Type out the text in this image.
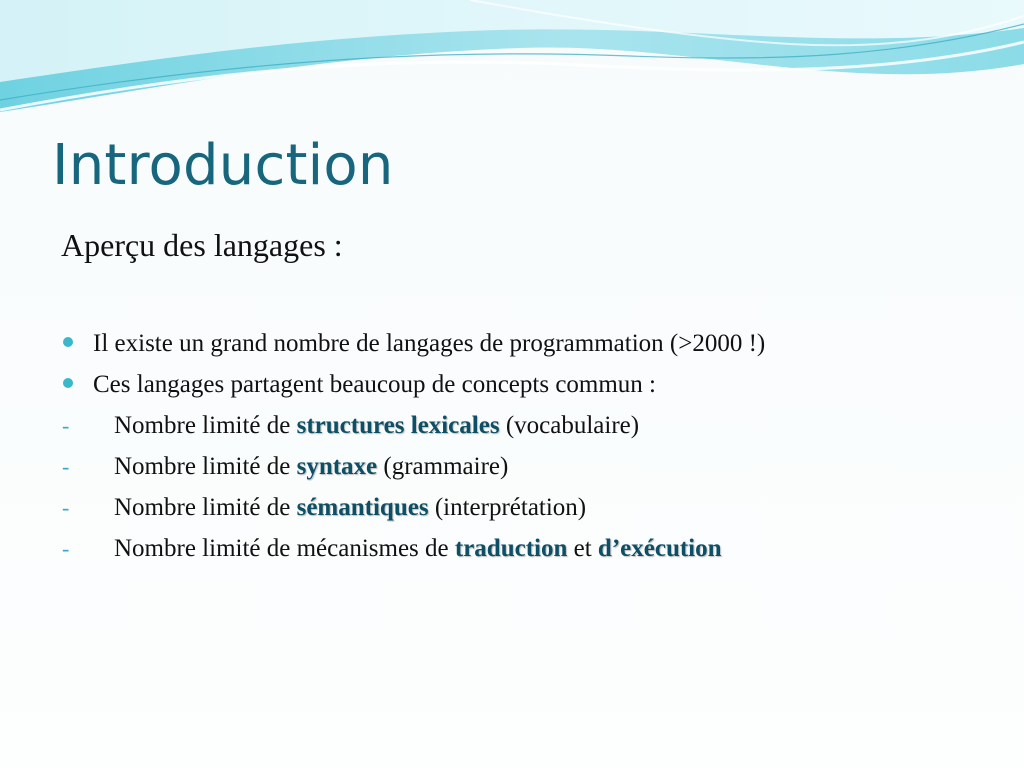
Introduction
Aperçu des langages :
Il existe un grand nombre de langages de programmation (>2000 !)
Ces langages partagent beaucoup de concepts commun :
- Nombre limité de structures lexicales (vocabulaire)
- Nombre limité de syntaxe (grammaire)
- Nombre limité de sémantiques (interprétation)
- Nombre limité de mécanismes de traduction et d’exécution
